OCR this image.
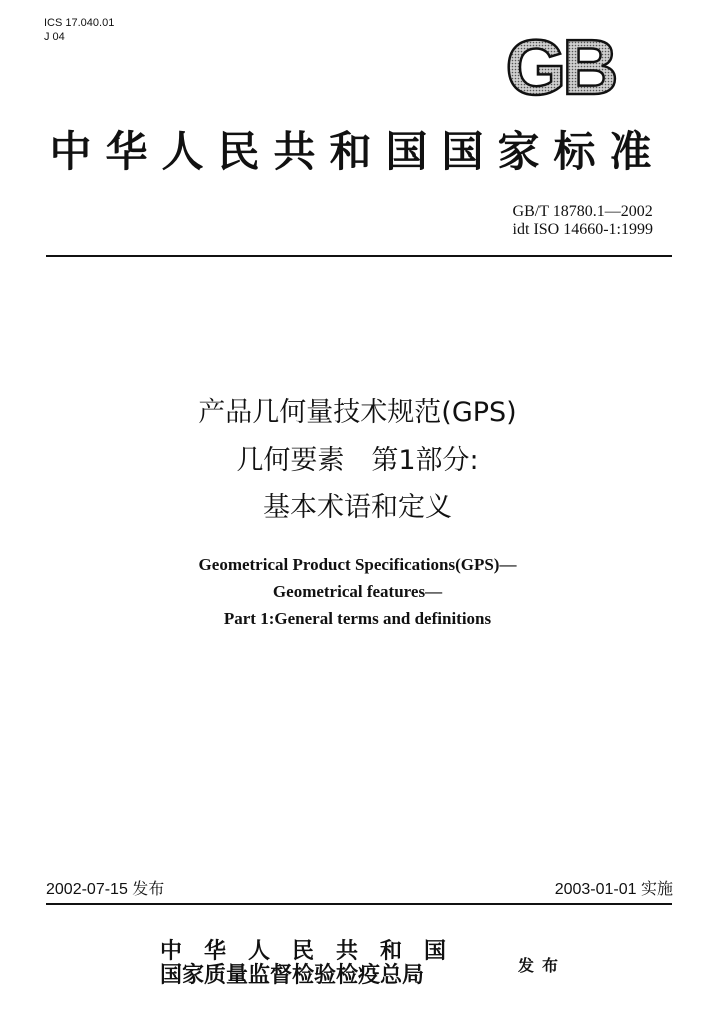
ICS 17.040.01
J 04	GB
中华人民共和国国家标准
GB/T 18780.1—2002
idt ISO 14660-1:1999
产品几何量技术规范(GPS)
几何要素　第1部分:
基本术语和定义
Geometrical Product Specifications(GPS)—
Geometrical features—
Part 1:General terms and definitions
2002-07-15 发布	2003-01-01 实施
中　华　人　民　共　和　国
国家质量监督检验检疫总局	发布
